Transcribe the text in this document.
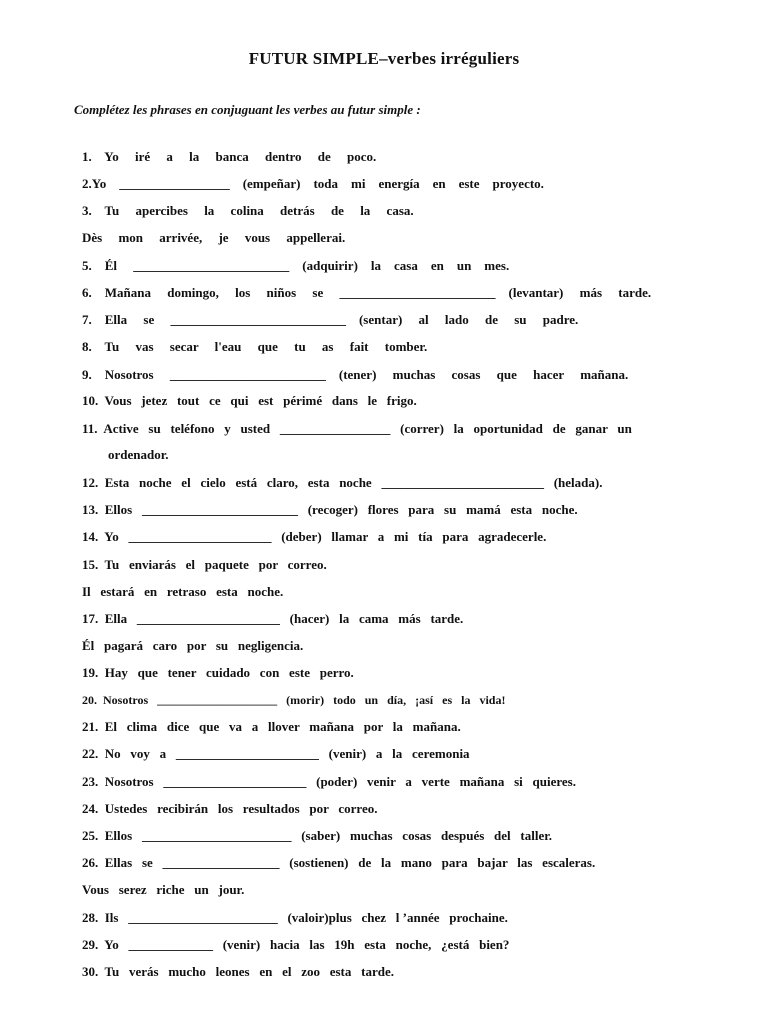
FUTUR SIMPLE–verbes irréguliers
Complétez les phrases en conjuguant les verbes au futur simple :
1.    Yo     iré     a     la     banca     dentro     de     poco.
2.Yo    _________________    (empeñar)    toda    mi    energía    en    este    proyecto.
3.    Tu     apercibes     la     colina     detrás     de     la     casa.
Dès     mon     arrivée,     je     vous     appellerai.
5.    Él     ________________________    (adquirir)    la    casa    en    un    mes.
6.    Mañana     domingo,     los     niños     se     ________________________    (levantar)     más     tarde.
7.    Ella     se     ___________________________    (sentar)     al     lado     de     su     padre.
8.    Tu     vas     secar     l'eau     que     tu     as     fait     tomber.
9.    Nosotros     ________________________    (tener)     muchas     cosas     que     hacer     mañana.
10.  Vous   jetez   tout   ce   qui   est   périmé   dans   le   frigo.
11.  Active   su   teléfono   y   usted   _________________   (correr)   la   oportunidad   de   ganar   un
ordenador.
12.  Esta   noche   el   cielo   está   claro,   esta   noche   _________________________   (helada).
13.  Ellos   ________________________   (recoger)   flores   para   su   mamá   esta   noche.
14.  Yo   ______________________   (deber)   llamar   a   mi   tía   para   agradecerle.
15.  Tu   enviarás   el   paquete   por   correo.
Il   estará   en   retraso   esta   noche.
17.  Ella   ______________________   (hacer)   la   cama   más   tarde.
Él   pagará   caro   por   su   negligencia.
19.  Hay   que   tener   cuidado   con   este   perro.
20.  Nosotros   ____________________   (morir)   todo   un   día,   ¡así   es   la   vida!
21.  El   clima   dice   que   va   a   llover   mañana   por   la   mañana.
22.  No   voy   a   ______________________   (venir)   a   la   ceremonia
23.  Nosotros   ______________________   (poder)   venir   a   verte   mañana   si   quieres.
24.  Ustedes   recibirán   los   resultados   por   correo.
25.  Ellos   _______________________   (saber)   muchas   cosas   después   del   taller.
26.  Ellas   se   __________________   (sostienen)   de   la   mano   para   bajar   las   escaleras.
Vous   serez   riche   un   jour.
28.  Ils   _______________________   (valoir)plus   chez   l ’année   prochaine.
29.  Yo   _____________   (venir)   hacia   las   19h   esta   noche,   ¿está   bien?
30.  Tu   verás   mucho   leones   en   el   zoo   esta   tarde.
